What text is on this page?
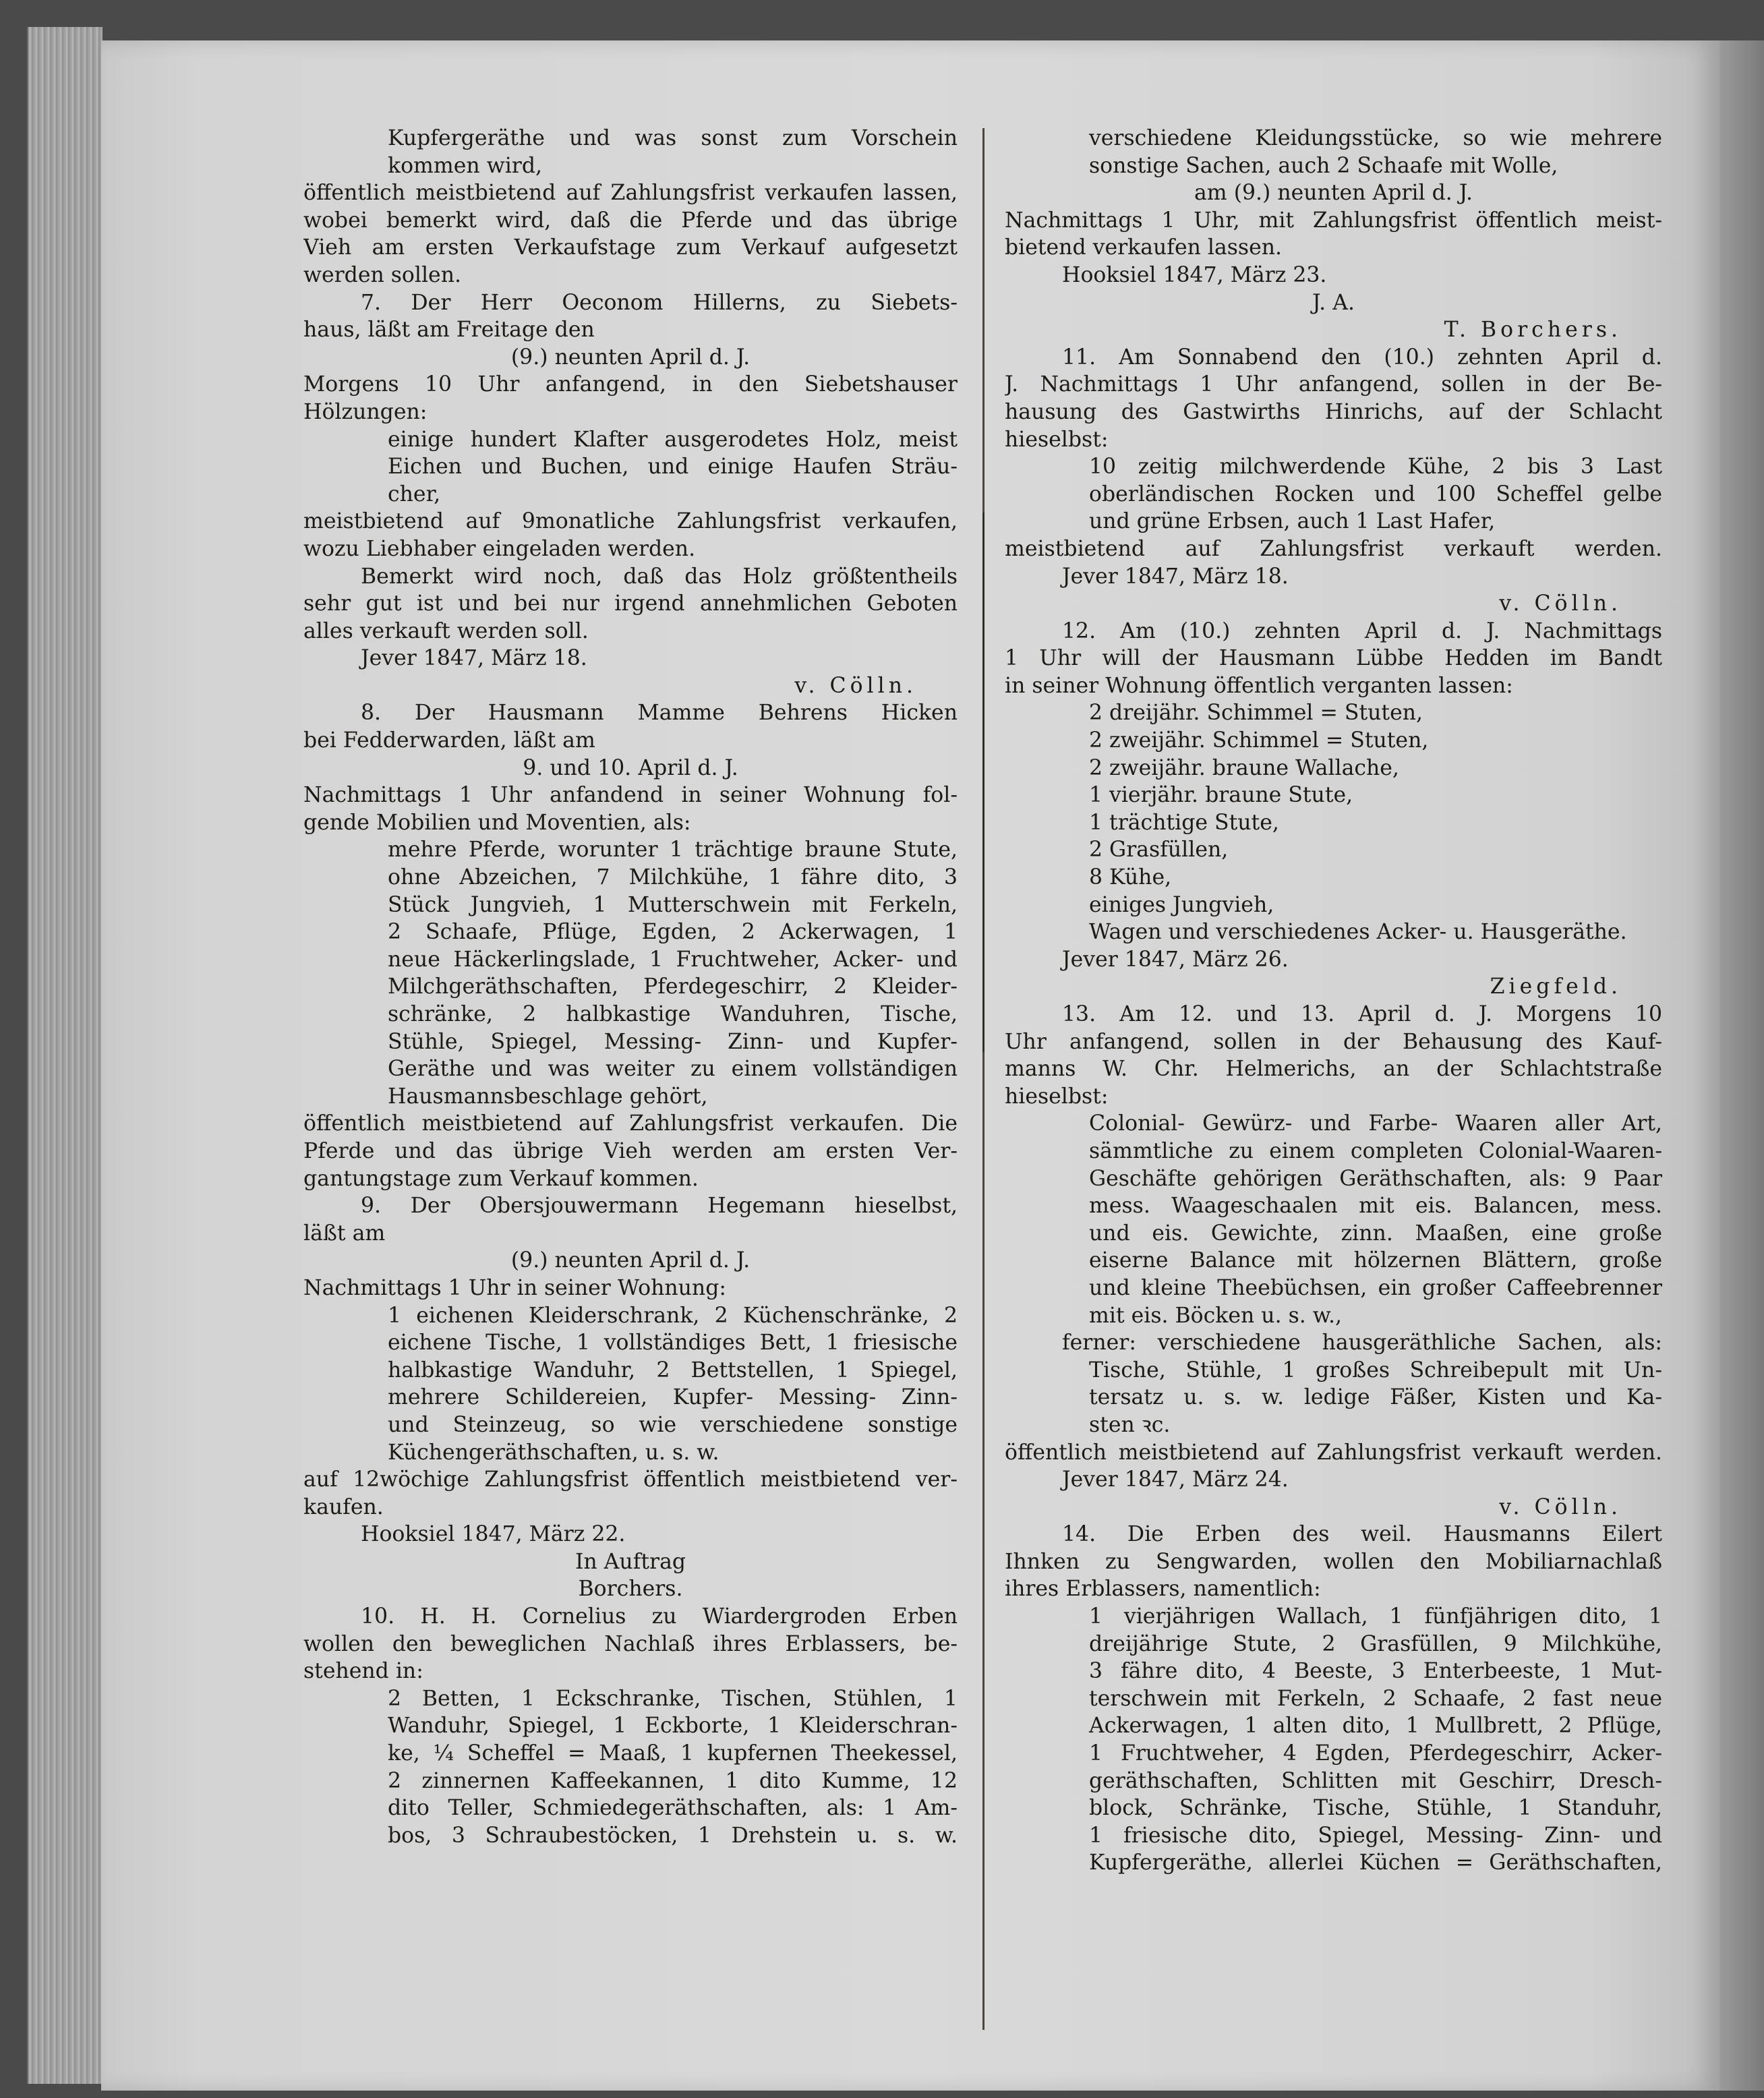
Kupfergeräthe und was sonst zum Vorschein
kommen wird,
öffentlich meistbietend auf Zahlungsfrist verkaufen lassen,
wobei bemerkt wird, daß die Pferde und das übrige
Vieh am ersten Verkaufstage zum Verkauf aufgesetzt
werden sollen.
7. Der Herr Oeconom Hillerns, zu Siebets-
haus, läßt am Freitage den
(9.) neunten April d. J.
Morgens 10 Uhr anfangend, in den Siebetshauser
Hölzungen:
einige hundert Klafter ausgerodetes Holz, meist
Eichen und Buchen, und einige Haufen Sträu-
cher,
meistbietend auf 9monatliche Zahlungsfrist verkaufen,
wozu Liebhaber eingeladen werden.
Bemerkt wird noch, daß das Holz größtentheils
sehr gut ist und bei nur irgend annehmlichen Geboten
alles verkauft werden soll.
Jever 1847, März 18.
v. Cölln.
8. Der Hausmann Mamme Behrens Hicken
bei Fedderwarden, läßt am
9. und 10. April d. J.
Nachmittags 1 Uhr anfandend in seiner Wohnung fol-
gende Mobilien und Moventien, als:
mehre Pferde, worunter 1 trächtige braune Stute,
ohne Abzeichen, 7 Milchkühe, 1 fähre dito, 3
Stück Jungvieh, 1 Mutterschwein mit Ferkeln,
2 Schaafe, Pflüge, Egden, 2 Ackerwagen, 1
neue Häckerlingslade, 1 Fruchtweher, Acker- und
Milchgeräthschaften, Pferdegeschirr, 2 Kleider-
schränke, 2 halbkastige Wanduhren, Tische,
Stühle, Spiegel, Messing- Zinn- und Kupfer-
Geräthe und was weiter zu einem vollständigen
Hausmannsbeschlage gehört,
öffentlich meistbietend auf Zahlungsfrist verkaufen. Die
Pferde und das übrige Vieh werden am ersten Ver-
gantungstage zum Verkauf kommen.
9. Der Obersjouwermann Hegemann hieselbst,
läßt am
(9.) neunten April d. J.
Nachmittags 1 Uhr in seiner Wohnung:
1 eichenen Kleiderschrank, 2 Küchenschränke, 2
eichene Tische, 1 vollständiges Bett, 1 friesische
halbkastige Wanduhr, 2 Bettstellen, 1 Spiegel,
mehrere Schildereien, Kupfer- Messing- Zinn-
und Steinzeug, so wie verschiedene sonstige
Küchengeräthschaften, u. s. w.
auf 12wöchige Zahlungsfrist öffentlich meistbietend ver-
kaufen.
Hooksiel 1847, März 22.
In Auftrag
Borchers.
10. H. H. Cornelius zu Wiardergroden Erben
wollen den beweglichen Nachlaß ihres Erblassers, be-
stehend in:
2 Betten, 1 Eckschranke, Tischen, Stühlen, 1
Wanduhr, Spiegel, 1 Eckborte, 1 Kleiderschran-
ke, ¼ Scheffel = Maaß, 1 kupfernen Theekessel,
2 zinnernen Kaffeekannen, 1 dito Kumme, 12
dito Teller, Schmiedegeräthschaften, als: 1 Am-
bos, 3 Schraubestöcken, 1 Drehstein u. s. w.
verschiedene Kleidungsstücke, so wie mehrere
sonstige Sachen, auch 2 Schaafe mit Wolle,
am (9.) neunten April d. J.
Nachmittags 1 Uhr, mit Zahlungsfrist öffentlich meist-
bietend verkaufen lassen.
Hooksiel 1847, März 23.
J. A.
T. Borchers.
11. Am Sonnabend den (10.) zehnten April d.
J. Nachmittags 1 Uhr anfangend, sollen in der Be-
hausung des Gastwirths Hinrichs, auf der Schlacht
hieselbst:
10 zeitig milchwerdende Kühe, 2 bis 3 Last
oberländischen Rocken und 100 Scheffel gelbe
und grüne Erbsen, auch 1 Last Hafer,
meistbietend auf Zahlungsfrist verkauft werden.
Jever 1847, März 18.
v. Cölln.
12. Am (10.) zehnten April d. J. Nachmittags
1 Uhr will der Hausmann Lübbe Hedden im Bandt
in seiner Wohnung öffentlich verganten lassen:
2 dreijähr. Schimmel = Stuten,
2 zweijähr. Schimmel = Stuten,
2 zweijähr. braune Wallache,
1 vierjähr. braune Stute,
1 trächtige Stute,
2 Grasfüllen,
8 Kühe,
einiges Jungvieh,
Wagen und verschiedenes Acker- u. Hausgeräthe.
Jever 1847, März 26.
Ziegfeld.
13. Am 12. und 13. April d. J. Morgens 10
Uhr anfangend, sollen in der Behausung des Kauf-
manns W. Chr. Helmerichs, an der Schlachtstraße
hieselbst:
Colonial- Gewürz- und Farbe- Waaren aller Art,
sämmtliche zu einem completen Colonial-Waaren-
Geschäfte gehörigen Geräthschaften, als: 9 Paar
mess. Waageschaalen mit eis. Balancen, mess.
und eis. Gewichte, zinn. Maaßen, eine große
eiserne Balance mit hölzernen Blättern, große
und kleine Theebüchsen, ein großer Caffeebrenner
mit eis. Böcken u. s. w.,
ferner: verschiedene hausgeräthliche Sachen, als:
Tische, Stühle, 1 großes Schreibepult mit Un-
tersatz u. s. w. ledige Fäßer, Kisten und Ka-
sten ꝛc.
öffentlich meistbietend auf Zahlungsfrist verkauft werden.
Jever 1847, März 24.
v. Cölln.
14. Die Erben des weil. Hausmanns Eilert
Ihnken zu Sengwarden, wollen den Mobiliarnachlaß
ihres Erblassers, namentlich:
1 vierjährigen Wallach, 1 fünfjährigen dito, 1
dreijährige Stute, 2 Grasfüllen, 9 Milchkühe,
3 fähre dito, 4 Beeste, 3 Enterbeeste, 1 Mut-
terschwein mit Ferkeln, 2 Schaafe, 2 fast neue
Ackerwagen, 1 alten dito, 1 Mullbrett, 2 Pflüge,
1 Fruchtweher, 4 Egden, Pferdegeschirr, Acker-
geräthschaften, Schlitten mit Geschirr, Dresch-
block, Schränke, Tische, Stühle, 1 Standuhr,
1 friesische dito, Spiegel, Messing- Zinn- und
Kupfergeräthe, allerlei Küchen = Geräthschaften,
